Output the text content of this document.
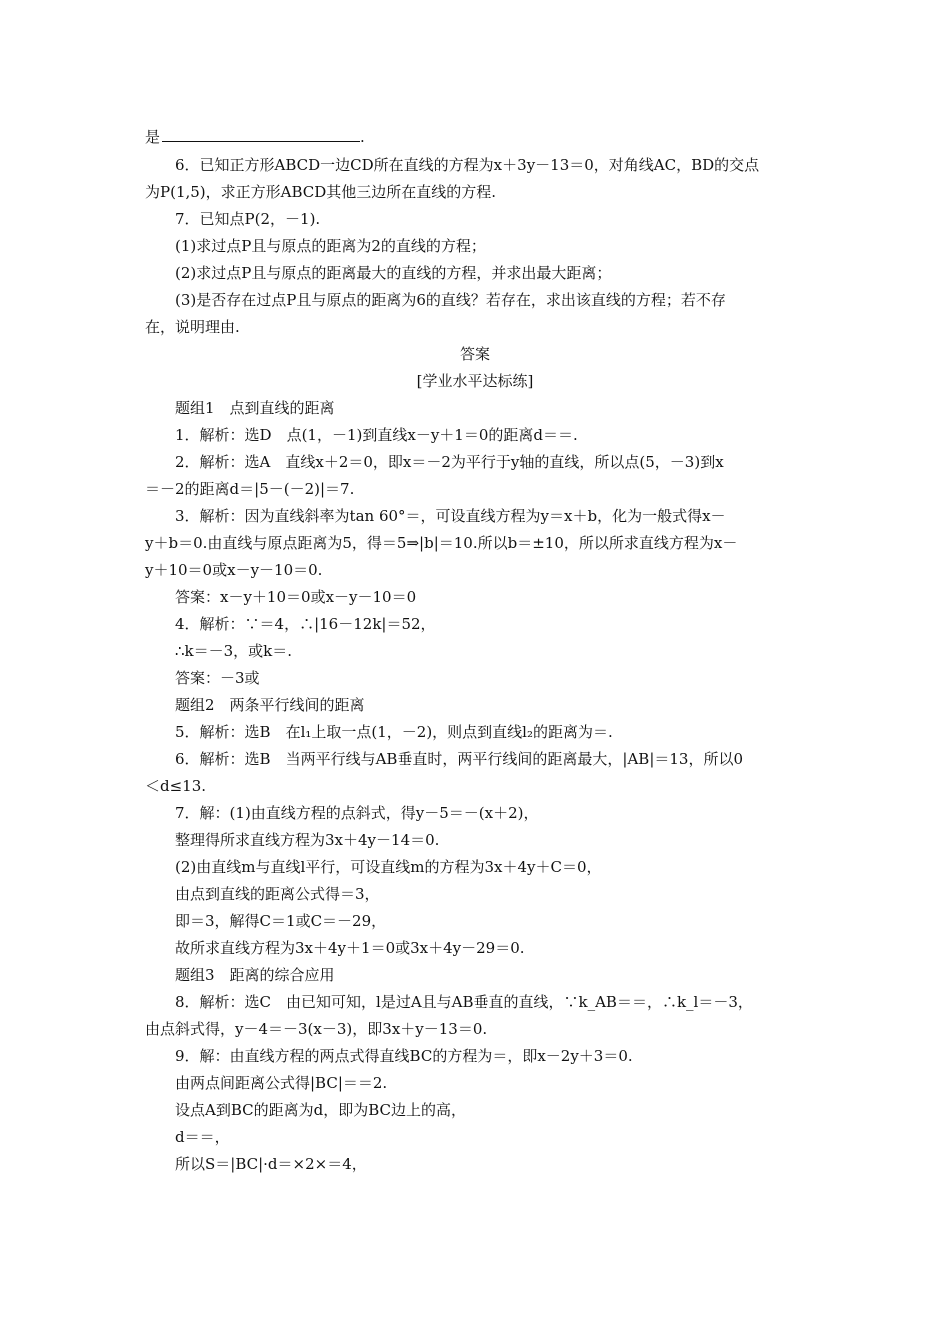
是	.
6．已知正方形ABCD一边CD所在直线的方程为x＋3y－13＝0，对角线AC，BD的交点
为P(1,5)，求正方形ABCD其他三边所在直线的方程.
7．已知点P(2，－1).
(1)求过点P且与原点的距离为2的直线的方程；
(2)求过点P且与原点的距离最大的直线的方程，并求出最大距离；
(3)是否存在过点P且与原点的距离为6的直线？若存在，求出该直线的方程；若不存
在，说明理由.
答案
[学业水平达标练]
题组1　点到直线的距离
1．解析：选D　点(1，－1)到直线x－y＋1＝0的距离d＝＝.
2．解析：选A　直线x＋2＝0，即x＝－2为平行于y轴的直线，所以点(5，－3)到x
＝－2的距离d＝|5－(－2)|＝7.
3．解析：因为直线斜率为tan 60°＝，可设直线方程为y＝x＋b，化为一般式得x－
y＋b＝0.由直线与原点距离为5，得＝5⇒|b|＝10.所以b＝±10，所以所求直线方程为x－
y＋10＝0或x－y－10＝0.
答案：x－y＋10＝0或x－y－10＝0
4．解析：∵＝4，∴|16－12k|＝52，
∴k＝－3，或k＝.
答案：－3或
题组2　两条平行线间的距离
5．解析：选B　在l₁上取一点(1，－2)，则点到直线l₂的距离为＝.
6．解析：选B　当两平行线与AB垂直时，两平行线间的距离最大，|AB|＝13，所以0
＜d≤13.
7．解：(1)由直线方程的点斜式，得y－5＝－(x＋2)，
整理得所求直线方程为3x＋4y－14＝0.
(2)由直线m与直线l平行，可设直线m的方程为3x＋4y＋C＝0，
由点到直线的距离公式得＝3，
即＝3，解得C＝1或C＝－29，
故所求直线方程为3x＋4y＋1＝0或3x＋4y－29＝0.
题组3　距离的综合应用
8．解析：选C　由已知可知，l是过A且与AB垂直的直线，∵k_AB＝＝，∴k_l＝－3，
由点斜式得，y－4＝－3(x－3)，即3x＋y－13＝0.
9．解：由直线方程的两点式得直线BC的方程为＝，即x－2y＋3＝0.
由两点间距离公式得|BC|＝＝2.
设点A到BC的距离为d，即为BC边上的高，
d＝＝，
所以S＝|BC|·d＝×2×＝4，
